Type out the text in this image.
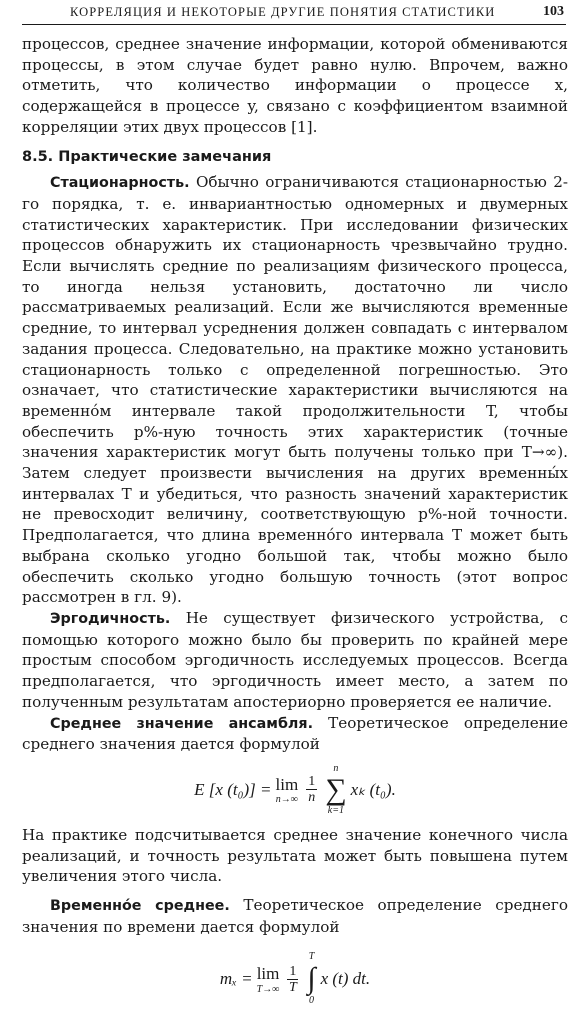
КОРРЕЛЯЦИЯ И НЕКОТОРЫЕ ДРУГИЕ ПОНЯТИЯ СТАТИСТИКИ	103

процессов, среднее значение информации, которой обмениваются процессы, в этом случае будет равно нулю. Впрочем, важно отметить, что количество информации о процессе x, содержащейся в процессе y, связано с коэффициентом взаимной корреляции этих двух процессов [1].

8.5. Практические замечания

Стационарность. Обычно ограничиваются стационарностью 2-го порядка, т. е. инвариантностью одномерных и двумерных статистических характеристик. При исследовании физических процессов обнаружить их стационарность чрезвычайно трудно. Если вычислять средние по реализациям физического процесса, то иногда нельзя установить, достаточно ли число рассматриваемых реализаций. Если же вычисляются временные средние, то интервал усреднения должен совпадать с интервалом задания процесса. Следовательно, на практике можно установить стационарность только с определенной погрешностью. Это означает, что статистические характеристики вычисляются на временно́м интервале такой продолжительности T, чтобы обеспечить p%-ную точность этих характеристик (точные значения характеристик могут быть получены только при T→∞). Затем следует произвести вычисления на других временны́х интервалах T и убедиться, что разность значений характеристик не превосходит величину, соответствующую p%-ной точности. Предполагается, что длина временно́го интервала T может быть выбрана сколько угодно большой так, чтобы можно было обеспечить сколько угодно большую точность (этот вопрос рассмотрен в гл. 9).

Эргодичность. Не существует физического устройства, с помощью которого можно было бы проверить по крайней мере простым способом эргодичность исследуемых процессов. Всегда предполагается, что эргодичность имеет место, а затем по полученным результатам апостериорно проверяется ее наличие.

Среднее значение ансамбля. Теоретическое определение среднего значения дается формулой

E [x (t₀)] = lim
$n\to\infty \frac{1}{n}$
n
∑
k=1
xₖ (t₀).

На практике подсчитывается среднее значение конечного числа реализаций, и точность результата может быть повышена путем увеличения этого числа.

Временно́е среднее. Теоретическое определение среднего значения по времени дается формулой

mₓ = lim
$T\to\infty \frac{1}{T}$
T
∫
0
x (t) dt.
